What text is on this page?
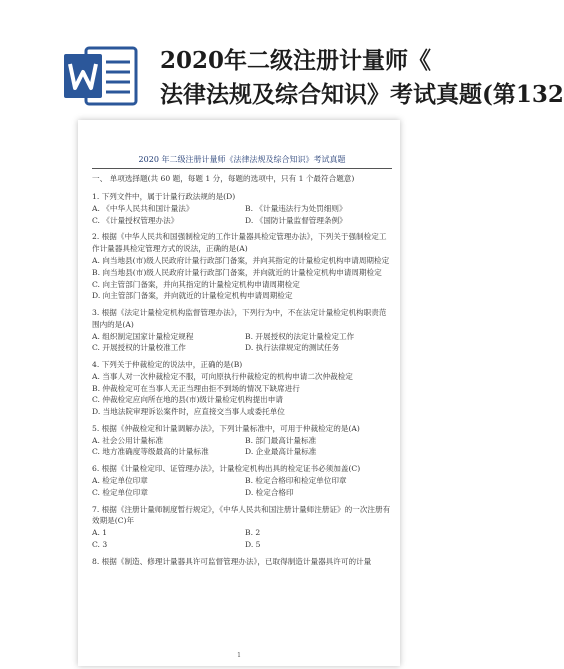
2020年二级注册计量师《
法律法规及综合知识》考试真题(第132

2020 年二级注册计量师《法律法规及综合知识》考试真题
一、 单项选择题(共 60 题，每题 1 分，每题的选项中，只有 1 个最符合题意)
1. 下列文件中，属于计量行政法规的是(D)
A. 《中华人民共和国计量法》	B. 《计量违法行为处罚细则》
C. 《计量授权管理办法》	D. 《国防计量监督管理条例》
2. 根据《中华人民共和国强制检定的工作计量器具检定管理办法》，下列关于强制检定工作计量器具检定管理方式的说法，正确的是(A)
A. 向当地县(市)级人民政府计量行政部门备案，并向其指定的计量检定机构申请周期检定
B. 向当地县(市)级人民政府计量行政部门备案，并向就近的计量检定机构申请周期检定
C. 向主管部门备案，并向其指定的计量检定机构申请周期检定
D. 向主管部门备案，并向就近的计量检定机构申请周期检定
3. 根据《法定计量检定机构监督管理办法》，下列行为中，不在法定计量检定机构职责范围内的是(A)
A. 组织制定国家计量检定规程	B. 开展授权的法定计量检定工作
C. 开展授权的计量校准工作	D. 执行法律规定的测试任务
4. 下列关于仲裁检定的说法中，正确的是(B)
A. 当事人对一次仲裁检定不服，可向原执行仲裁检定的机构申请二次仲裁检定
B. 仲裁检定可在当事人无正当理由拒不到场的情况下缺席进行
C. 仲裁检定应向所在地的县(市)级计量检定机构提出申请
D. 当地法院审理诉讼案件时，应直接交当事人或委托单位
5. 根据《仲裁检定和计量调解办法》，下列计量标准中，可用于仲裁检定的是(A)
A. 社会公用计量标准	B. 部门最高计量标准
C. 地方准确度等级最高的计量标准	D. 企业最高计量标准
6. 根据《计量检定印、证管理办法》，计量检定机构出具的检定证书必须加盖(C)
A. 检定单位印章	B. 检定合格印和检定单位印章
C. 检定单位印章	D. 检定合格印
7. 根据《注册计量师制度暂行规定》，《中华人民共和国注册计量师注册证》的一次注册有效期是(C)年
A. 1	B. 2
C. 3	D. 5
8. 根据《制造、修理计量器具许可监督管理办法》，已取得制造计量器具许可的计量
1
